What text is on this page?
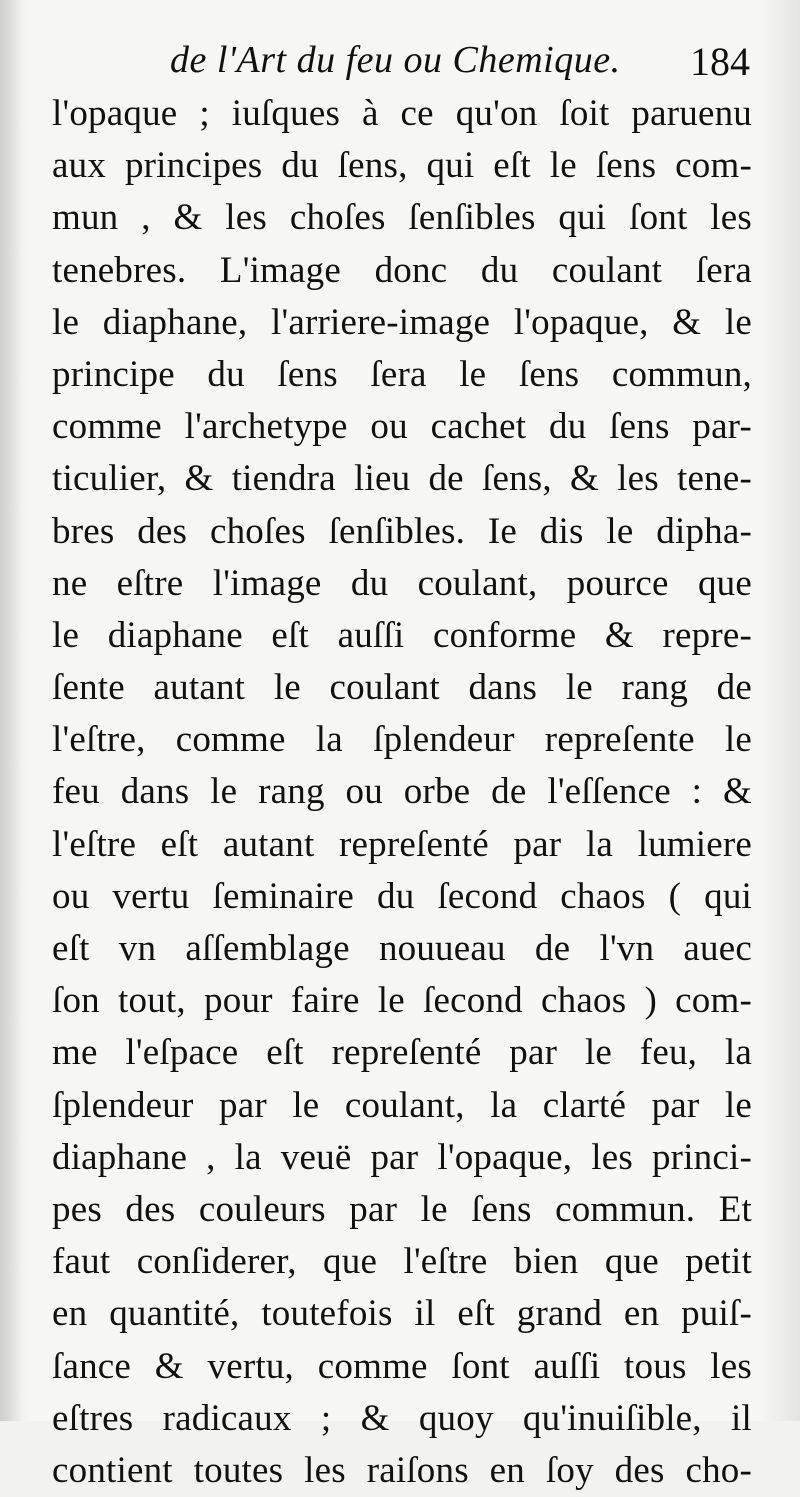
de l'Art du feu ou Chemique. 184
l'opaque ; iuſques à ce qu'on ſoit paruenu
aux principes du ſens, qui eſt le ſens com-
mun , & les choſes ſenſibles qui ſont les
tenebres. L'image donc du coulant ſera
le diaphane, l'arriere-image l'opaque, & le
principe du ſens ſera le ſens commun,
comme l'archetype ou cachet du ſens par-
ticulier, & tiendra lieu de ſens, & les tene-
bres des choſes ſenſibles. Ie dis le dipha-
ne eſtre l'image du coulant, pource que
le diaphane eſt auſſi conforme & repre-
ſente autant le coulant dans le rang de
l'eſtre, comme la ſplendeur repreſente le
feu dans le rang ou orbe de l'eſſence : &
l'eſtre eſt autant repreſenté par la lumiere
ou vertu ſeminaire du ſecond chaos ( qui
eſt vn aſſemblage nouueau de l'vn auec
ſon tout, pour faire le ſecond chaos ) com-
me l'eſpace eſt repreſenté par le feu, la
ſplendeur par le coulant, la clarté par le
diaphane , la veuë par l'opaque, les princi-
pes des couleurs par le ſens commun. Et
faut conſiderer, que l'eſtre bien que petit
en quantité, toutefois il eſt grand en puiſ-
ſance & vertu, comme ſont auſſi tous les
eſtres radicaux ; & quoy qu'inuiſible, il
contient toutes les raiſons en ſoy des cho-
